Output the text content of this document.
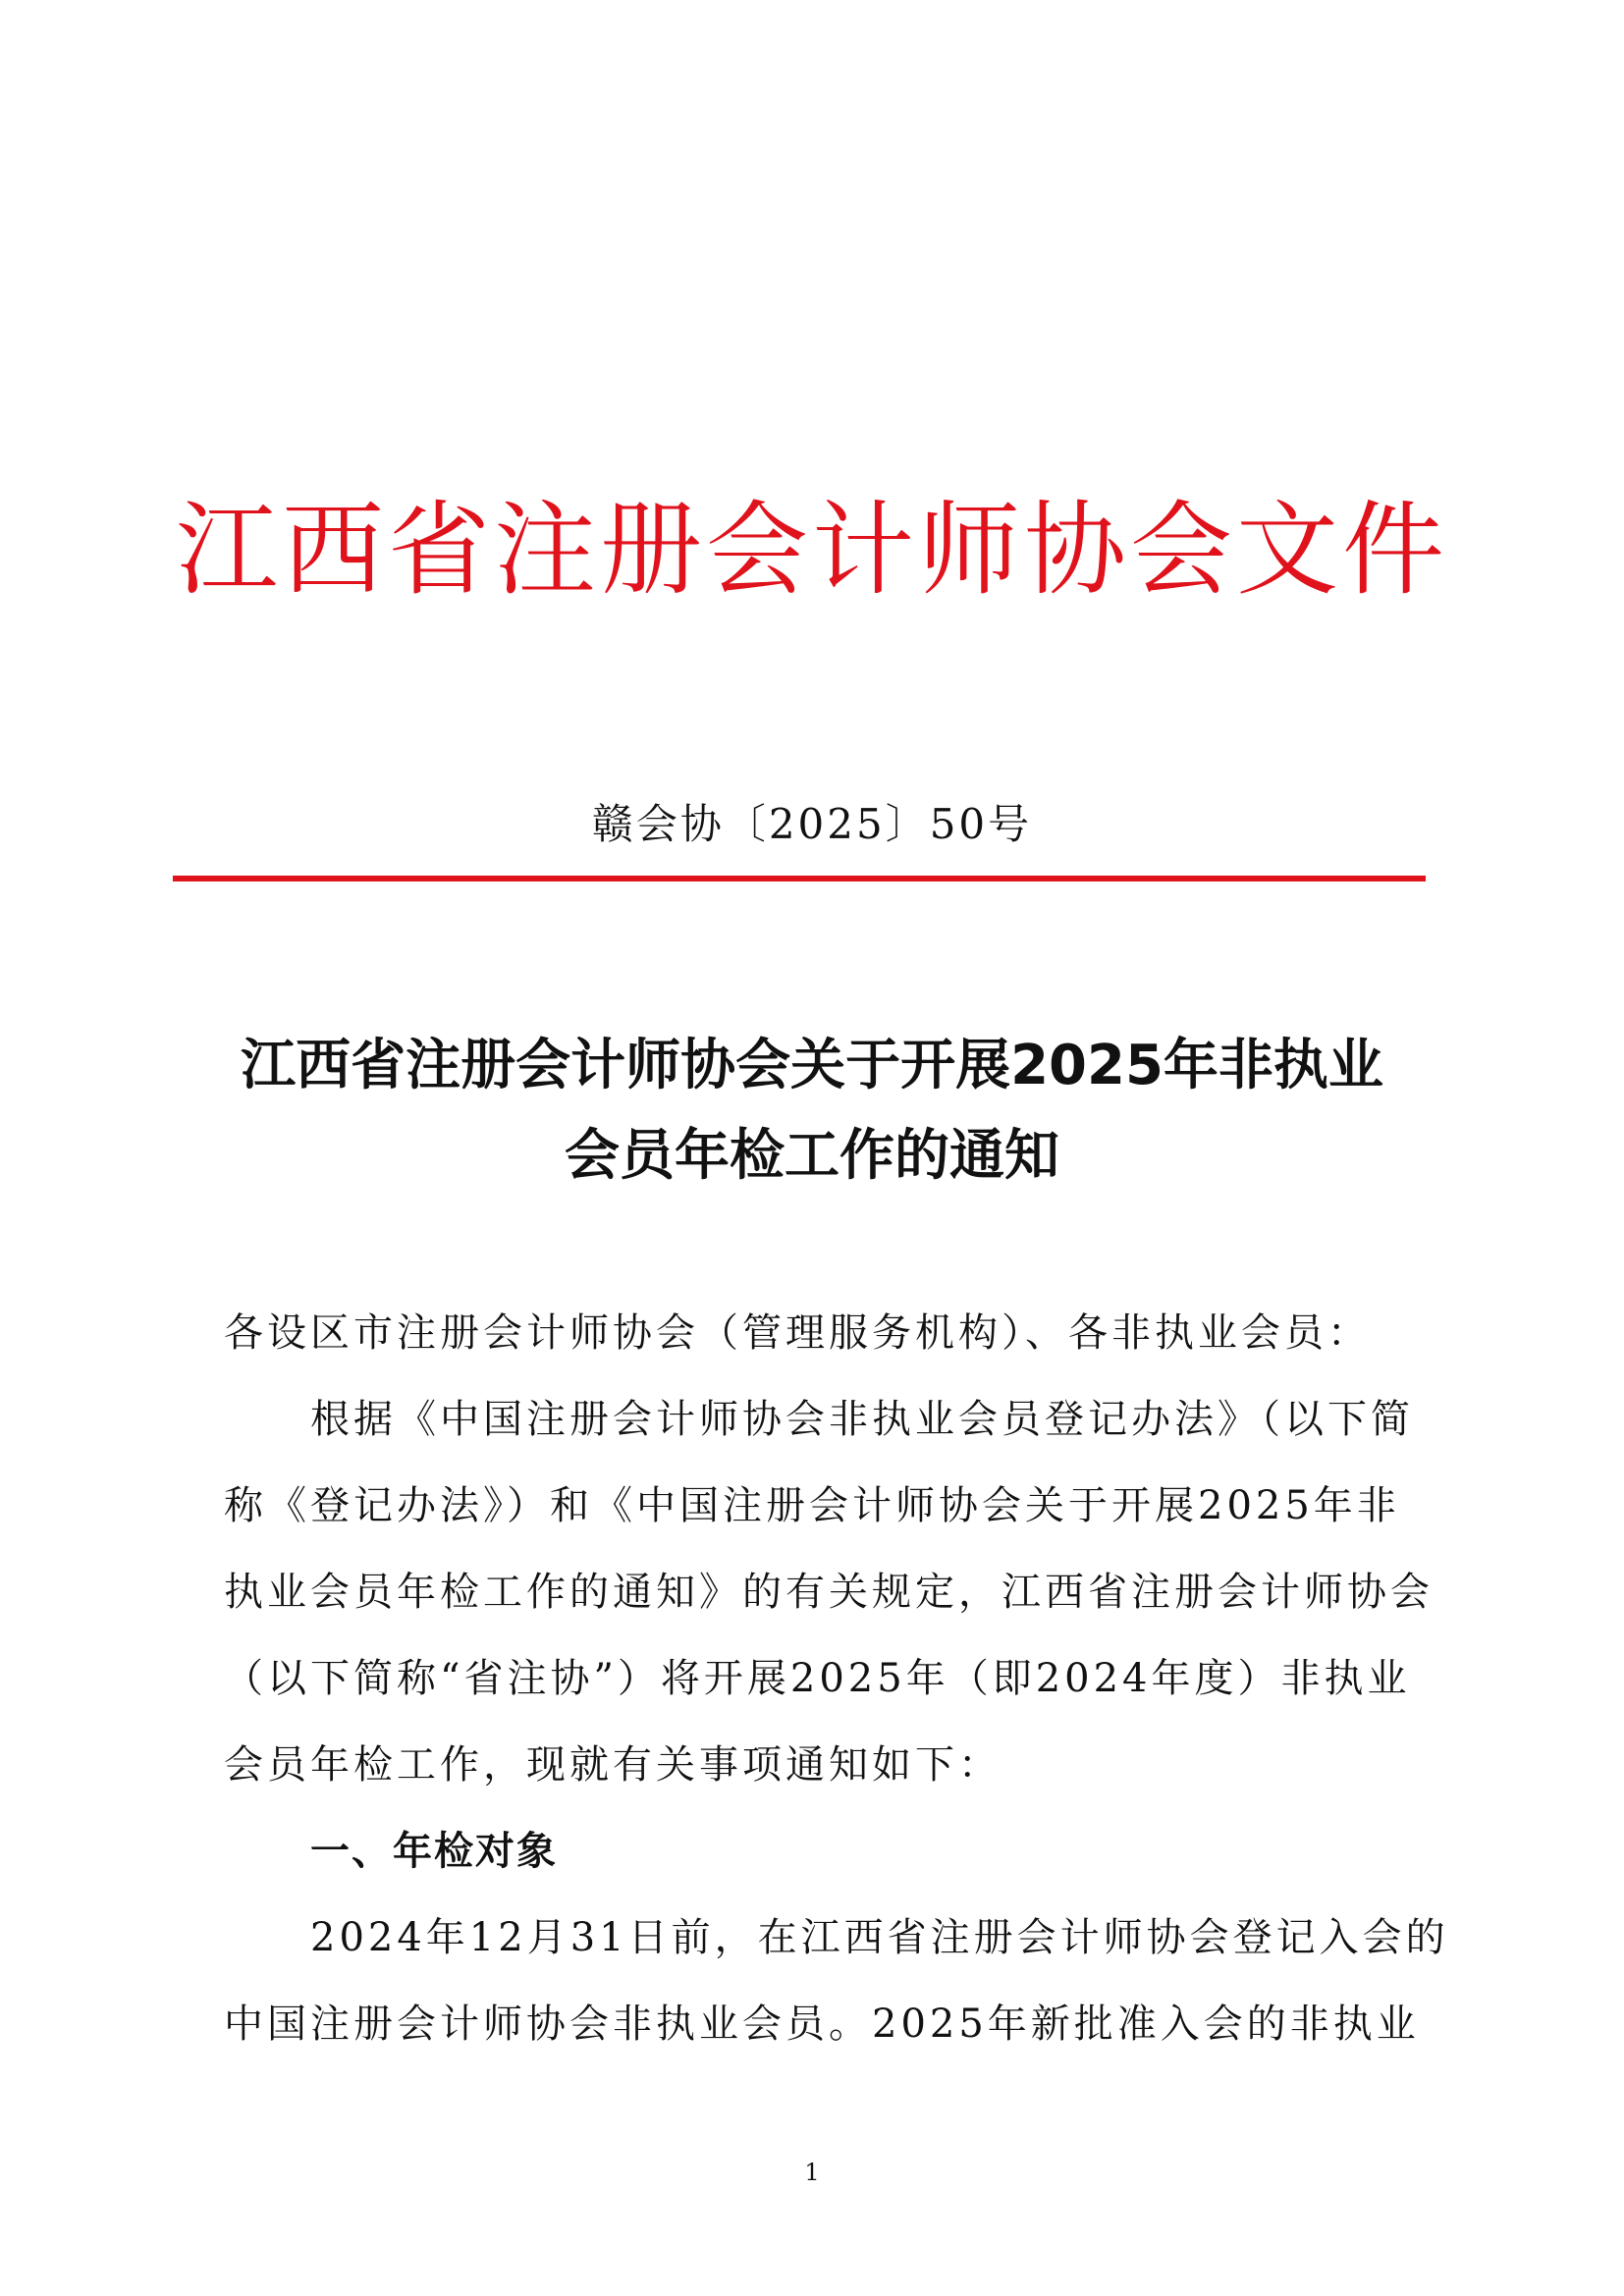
江西省注册会计师协会文件
赣会协〔2025〕50号
江西省注册会计师协会关于开展2025年非执业
会员年检工作的通知
各设区市注册会计师协会（管理服务机构）、各非执业会员：
根据《中国注册会计师协会非执业会员登记办法》（以下简
称《登记办法》）和《中国注册会计师协会关于开展2025年非
执业会员年检工作的通知》的有关规定，江西省注册会计师协会
（以下简称“省注协”）将开展2025年（即2024年度）非执业
会员年检工作，现就有关事项通知如下：
一、年检对象
2024年12月31日前，在江西省注册会计师协会登记入会的
中国注册会计师协会非执业会员。2025年新批准入会的非执业
1
